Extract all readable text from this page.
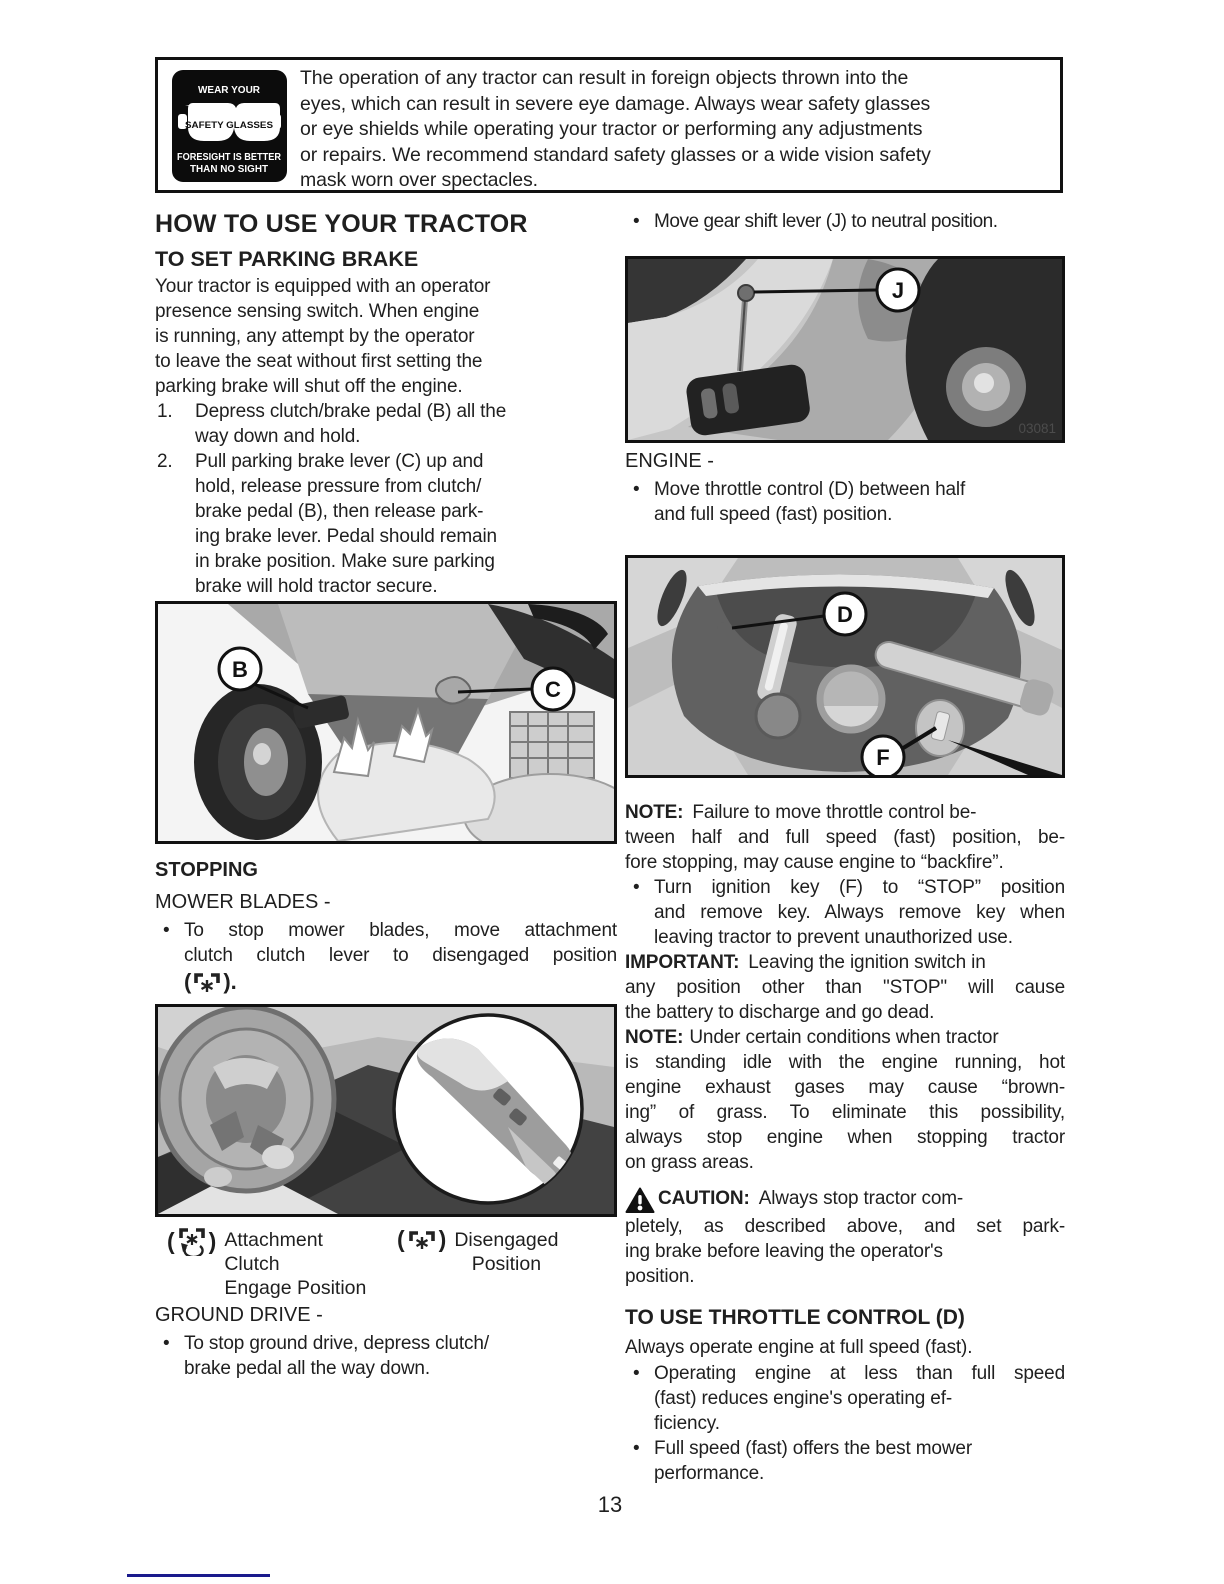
WEAR YOUR
SAFETY GLASSES
FORESIGHT IS BETTER
THAN NO SIGHT
The operation of any tractor can result in foreign objects thrown into the
eyes, which can result in severe eye damage. Always wear safety glasses
or eye shields while operating your tractor or performing any adjustments
or repairs. We recommend standard safety glasses or a wide vision safety
mask worn over spectacles.
HOW TO USE YOUR TRACTOR
TO SET PARKING BRAKE
Your tractor is equipped with an operator
presence sensing switch. When engine
is running, any attempt by the operator
to leave the seat without first setting the
parking brake will shut off the engine.
1. Depress clutch/brake pedal (B) all the
way down and hold.
2. Pull parking brake lever (C) up and
hold, release pressure from clutch/
brake pedal (B), then release park-
ing brake lever. Pedal should remain
in brake position. Make sure parking
brake will hold tractor secure.
B
C
STOPPING
MOWER BLADES -
• To stop mower blades, move attachment
clutch clutch lever to disengaged position
( ).
( ) Attachment
Clutch
Engage Position
( ) Disengaged
Position
GROUND DRIVE -
• To stop ground drive, depress clutch/
brake pedal all the way down.
• Move gear shift lever (J) to neutral position.
J
03081
ENGINE -
• Move throttle control (D) between half
and full speed (fast) position.
D
F
NOTE: Failure to move throttle control be-
tween half and full speed (fast) position, be-
fore stopping, may cause engine to “backfire”.
• Turn ignition key (F) to “STOP” position
and remove key. Always remove key when
leaving tractor to prevent unauthorized use.
IMPORTANT: Leaving the ignition switch in
any position other than "STOP" will cause
the battery to discharge and go dead.
NOTE: Under certain conditions when tractor
is standing idle with the engine running, hot
engine exhaust gases may cause “brown-
ing” of grass. To eliminate this possibility,
always stop engine when stopping tractor
on grass areas.
CAUTION: Always stop tractor com-
pletely, as described above, and set park-
ing brake before leaving the operator's
position.
TO USE THROTTLE CONTROL (D)
Always operate engine at full speed (fast).
• Operating engine at less than full speed
(fast) reduces engine's operating ef-
ficiency.
• Full speed (fast) offers the best mower
performance.
13
